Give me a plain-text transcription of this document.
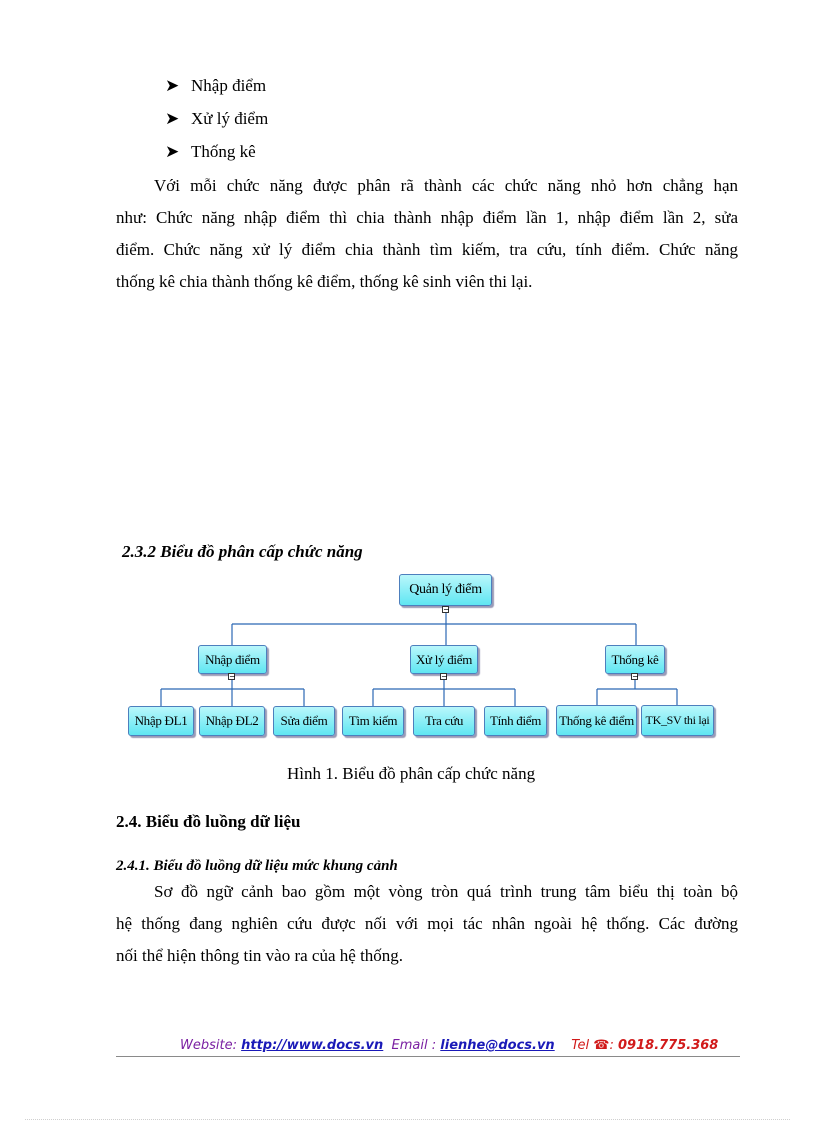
➤ Nhập điểm
➤ Xử lý điểm
➤ Thống kê
Với mỗi chức năng được phân rã thành các chức năng nhỏ hơn chẳng hạn
như: Chức năng nhập điểm thì chia thành nhập điểm lần 1, nhập điểm lần 2, sửa
điểm. Chức năng xử lý điểm chia thành tìm kiếm, tra cứu, tính điểm. Chức năng
thống kê chia thành thống kê điểm, thống kê sinh viên thi lại.
2.3.2 Biểu đồ phân cấp chức năng
Quản lý điểm
−
Nhập điểm
−
Xử lý điểm
−
Thống kê
−
Nhập ĐL1	Nhập ĐL2	Sửa điểm	Tìm kiếm	Tra cứu	Tính điểm	Thống kê điểm TK_SV thi lại
Hình 1. Biểu đồ phân cấp chức năng
2.4. Biểu đồ luồng dữ liệu
2.4.1. Biểu đồ luồng dữ liệu mức khung cảnh
Sơ đồ ngữ cảnh bao gồm một vòng tròn quá trình trung tâm biểu thị toàn bộ
hệ thống đang nghiên cứu được nối với mọi tác nhân ngoài hệ thống. Các đường
nối thể hiện thông tin vào ra của hệ thống.
Website: http://www.docs.vn Email : lienhe@docs.vn Tel ☎: 0918.775.368
